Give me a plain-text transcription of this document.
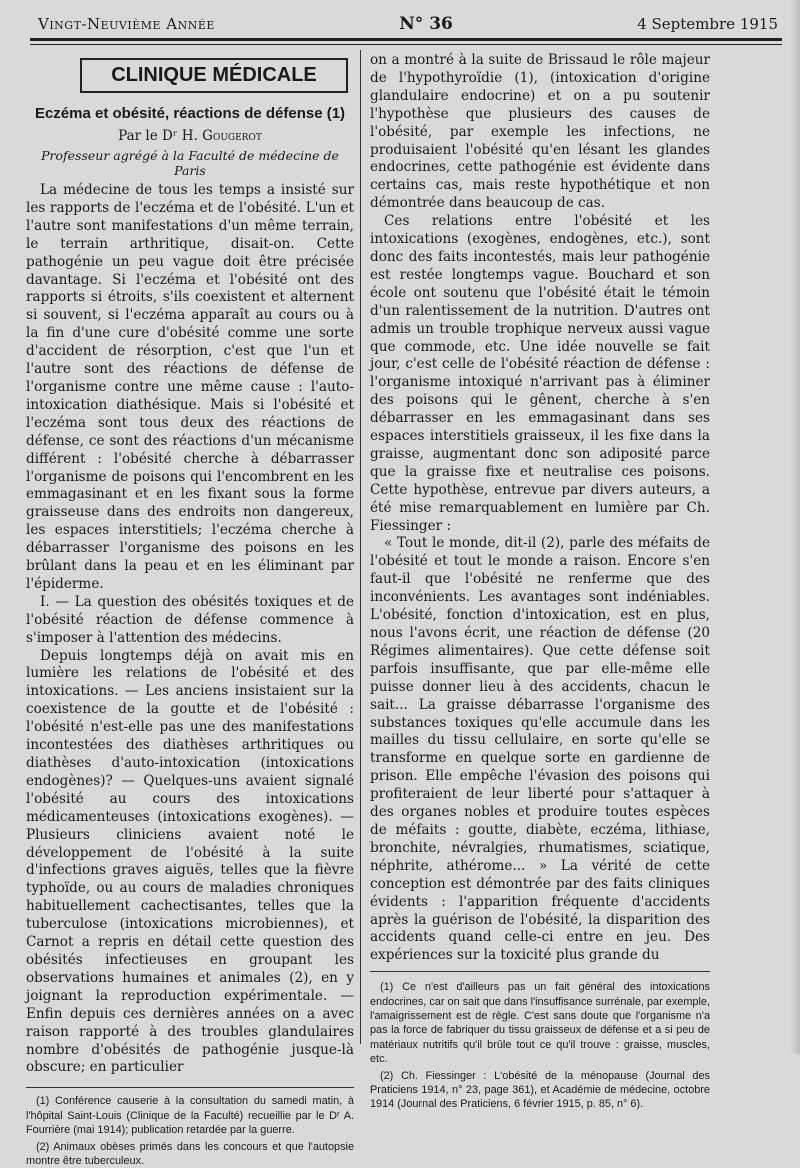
Vingt-Neuvième Année	N° 36	4 Septembre 1915
CLINIQUE MÉDICALE
Eczéma et obésité, réactions de défense (1)
Par le Dʳ H. Gougerot
Professeur agrégé à la Faculté de médecine de Paris

La médecine de tous les temps a insisté sur les rapports de l'eczéma et de l'obésité. L'un et l'autre sont manifestations d'un même terrain, le terrain arthritique, disait-on. Cette pathogénie un peu vague doit être précisée davantage. Si l'eczéma et l'obésité ont des rapports si étroits, s'ils coexistent et alternent si souvent, si l'eczéma apparaît au cours ou à la fin d'une cure d'obésité comme une sorte d'accident de résorption, c'est que l'un et l'autre sont des réactions de défense de l'organisme contre une même cause : l'auto-intoxication diathésique. Mais si l'obésité et l'eczéma sont tous deux des réactions de défense, ce sont des réactions d'un mécanisme différent : l'obésité cherche à débarrasser l'organisme de poisons qui l'encombrent en les emmagasinant et en les fixant sous la forme graisseuse dans des endroits non dangereux, les espaces interstitiels; l'eczéma cherche à débarrasser l'organisme des poisons en les brûlant dans la peau et en les éliminant par l'épiderme.

I. — La question des obésités toxiques et de l'obésité réaction de défense commence à s'imposer à l'attention des médecins.

Depuis longtemps déjà on avait mis en lumière les relations de l'obésité et des intoxications. — Les anciens insistaient sur la coexistence de la goutte et de l'obésité : l'obésité n'est-elle pas une des manifestations incontestées des diathèses arthritiques ou diathèses d'auto-intoxication (intoxications endogènes)? — Quelques-uns avaient signalé l'obésité au cours des intoxications médicamenteuses (intoxications exogènes). — Plusieurs cliniciens avaient noté le développement de l'obésité à la suite d'infections graves aiguës, telles que la fièvre typhoïde, ou au cours de maladies chroniques habituellement cachectisantes, telles que la tuberculose (intoxications microbiennes), et Carnot a repris en détail cette question des obésités infectieuses en groupant les observations humaines et animales (2), en y joignant la reproduction expérimentale. — Enfin depuis ces dernières années on a avec raison rapporté à des troubles glandulaires nombre d'obésités de pathogénie jusque-là obscure; en particulier

(1) Conférence causerie à la consultation du samedi matin, à l'hôpital Saint-Louis (Clinique de la Faculté) recueillie par le Dʳ A. Fourrière (mai 1914); publication retardée par la guerre.

(2) Animaux obèses primés dans les concours et que l'autopsie montre être tuberculeux.

on a montré à la suite de Brissaud le rôle majeur de l'hypothyroïdie (1), (intoxication d'origine glandulaire endocrine) et on a pu soutenir l'hypothèse que plusieurs des causes de l'obésité, par exemple les infections, ne produisaient l'obésité qu'en lésant les glandes endocrines, cette pathogénie est évidente dans certains cas, mais reste hypothétique et non démontrée dans beaucoup de cas.

Ces relations entre l'obésité et les intoxications (exogènes, endogènes, etc.), sont donc des faits incontestés, mais leur pathogénie est restée longtemps vague. Bouchard et son école ont soutenu que l'obésité était le témoin d'un ralentissement de la nutrition. D'autres ont admis un trouble trophique nerveux aussi vague que commode, etc. Une idée nouvelle se fait jour, c'est celle de l'obésité réaction de défense : l'organisme intoxiqué n'arrivant pas à éliminer des poisons qui le gênent, cherche à s'en débarrasser en les emmagasinant dans ses espaces interstitiels graisseux, il les fixe dans la graisse, augmentant donc son adiposité parce que la graisse fixe et neutralise ces poisons. Cette hypothèse, entrevue par divers auteurs, a été mise remarquablement en lumière par Ch. Fiessinger :

« Tout le monde, dit-il (2), parle des méfaits de l'obésité et tout le monde a raison. Encore s'en faut-il que l'obésité ne renferme que des inconvénients. Les avantages sont indéniables. L'obésité, fonction d'intoxication, est en plus, nous l'avons écrit, une réaction de défense (20 Régimes alimentaires). Que cette défense soit parfois insuffisante, que par elle-même elle puisse donner lieu à des accidents, chacun le sait... La graisse débarrasse l'organisme des substances toxiques qu'elle accumule dans les mailles du tissu cellulaire, en sorte qu'elle se transforme en quelque sorte en gardienne de prison. Elle empêche l'évasion des poisons qui profiteraient de leur liberté pour s'attaquer à des organes nobles et produire toutes espèces de méfaits : goutte, diabète, eczéma, lithiase, bronchite, névralgies, rhumatismes, sciatique, néphrite, athérome... » La vérité de cette conception est démontrée par des faits cliniques évidents : l'apparition fréquente d'accidents après la guérison de l'obésité, la disparition des accidents quand celle-ci entre en jeu. Des expériences sur la toxicité plus grande du

(1) Ce n'est d'ailleurs pas un fait général des intoxications endocrines, car on sait que dans l'insuffisance surrénale, par exemple, l'amaigrissement est de règle. C'est sans doute que l'organisme n'a pas la force de fabriquer du tissu graisseux de défense et a si peu de matériaux nutritifs qu'il brûle tout ce qu'il trouve : graisse, muscles, etc.

(2) Ch. Fiessinger : L'obésité de la ménopause (Journal des Praticiens 1914, n° 23, page 361), et Académie de médecine, octobre 1914 (Journal des Praticiens, 6 février 1915, p. 85, n° 6).
